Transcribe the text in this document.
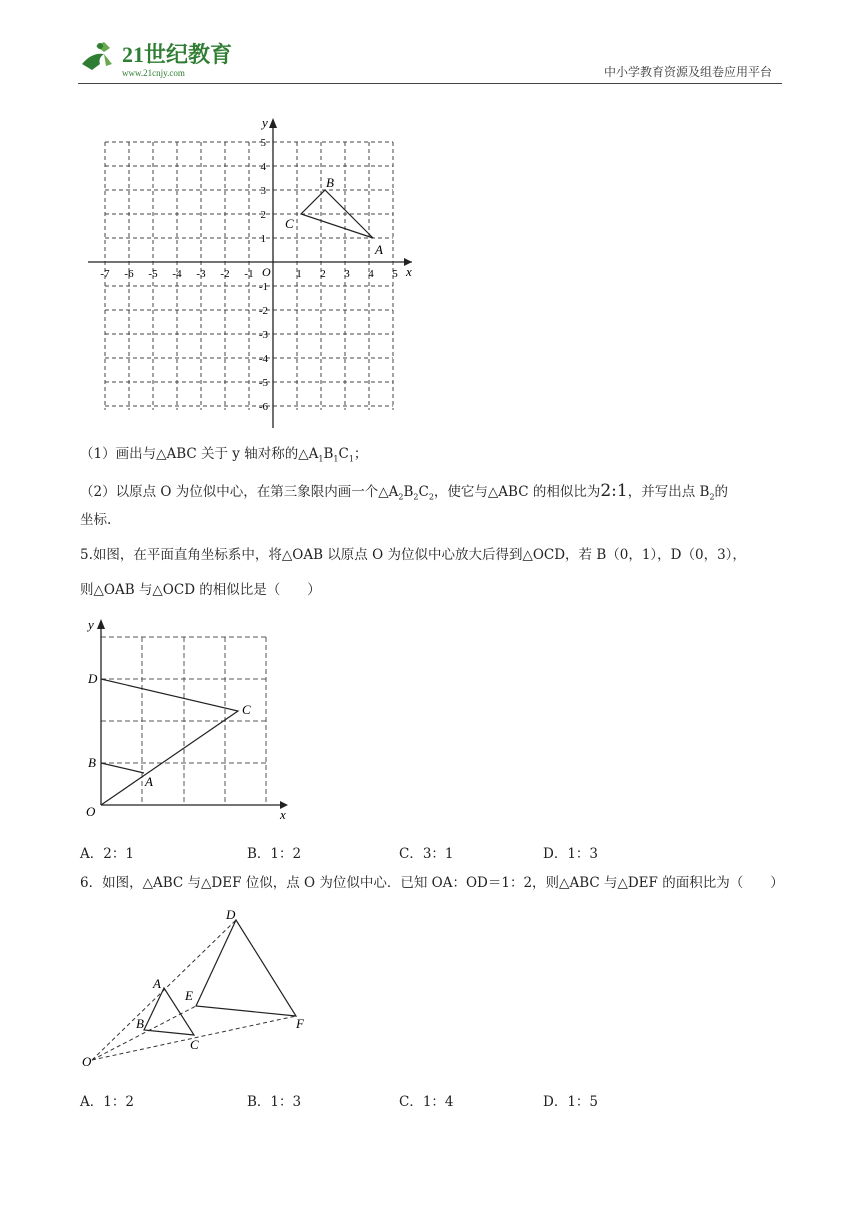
21世纪教育
www.21cnjy.com	中小学教育资源及组卷应用平台
x
y
O
-7 -6 -5 -4 -3 -2 -1	1 2 3 4 5
5
4
3
2
1
-1
-2
-3
-4
-5
-6
A
B
C
（1）画出与△ABC 关于 y 轴对称的$\triangle A_1B_1C_1$；
（2）以原点 O 为位似中心，在第三象限内画一个$\triangle A_2B_2C_2$，使它与△ABC 的相似比为2:1，并写出点 $B_2$的
坐标.
5.如图，在平面直角坐标系中，将△OAB 以原点 O 为位似中心放大后得到△OCD，若 B（0，1），D（0，3），
则△OAB 与△OCD 的相似比是（　　）
y
x
O
D
B
C
A
A．2：1	B．1：2	C．3：1	D．1：3
6．如图，△ABC 与△DEF 位似，点 O 为位似中心．已知 OA：OD＝1：2，则△ABC 与△DEF 的面积比为（　　）
O
A
B
C
D
E
F
A．1：2	B．1：3	C．1：4	D．1：5
